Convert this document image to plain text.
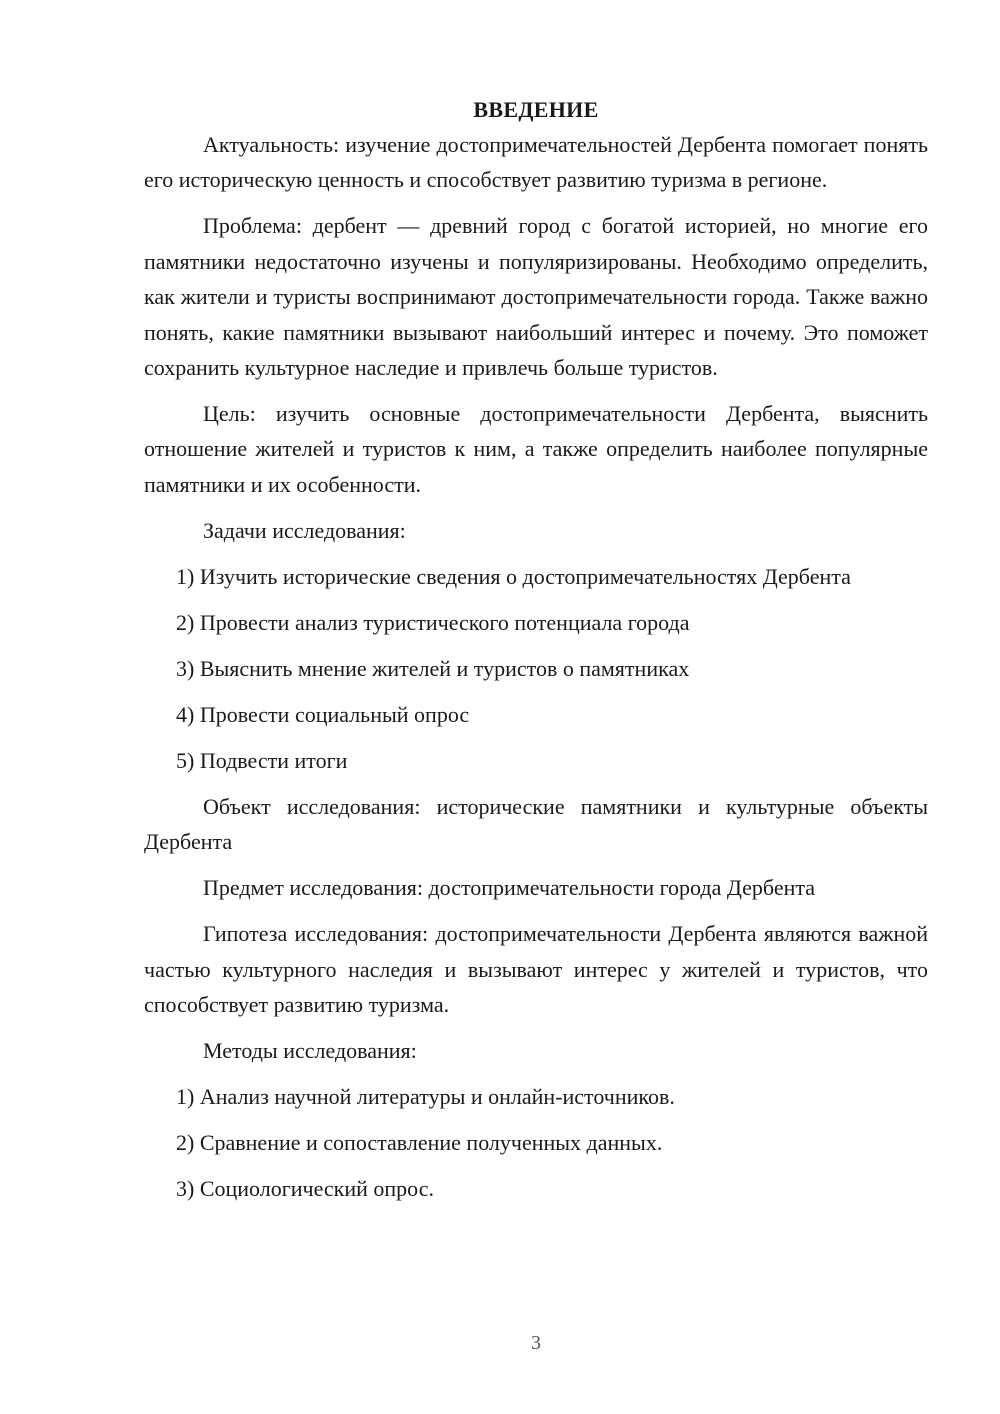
ВВЕДЕНИЕ

Актуальность: изучение достопримечательностей Дербента помогает понять его историческую ценность и способствует развитию туризма в регионе.

Проблема: дербент — древний город с богатой историей, но многие его памятники недостаточно изучены и популяризированы. Необходимо определить, как жители и туристы воспринимают достопримечательности города. Также важно понять, какие памятники вызывают наибольший интерес и почему. Это поможет сохранить культурное наследие и привлечь больше туристов.

Цель: изучить основные достопримечательности Дербента, выяснить отношение жителей и туристов к ним, а также определить наиболее популярные памятники и их особенности.

Задачи исследования:

1) Изучить исторические сведения о достопримечательностях Дербента

2) Провести анализ туристического потенциала города

3) Выяснить мнение жителей и туристов о памятниках

4) Провести социальный опрос

5) Подвести итоги

Объект исследования: исторические памятники и культурные объекты Дербента

Предмет исследования: достопримечательности города Дербента

Гипотеза исследования: достопримечательности Дербента являются важной частью культурного наследия и вызывают интерес у жителей и туристов, что способствует развитию туризма.

Методы исследования:

1) Анализ научной литературы и онлайн-источников.

2) Сравнение и сопоставление полученных данных.

3) Социологический опрос.

3
